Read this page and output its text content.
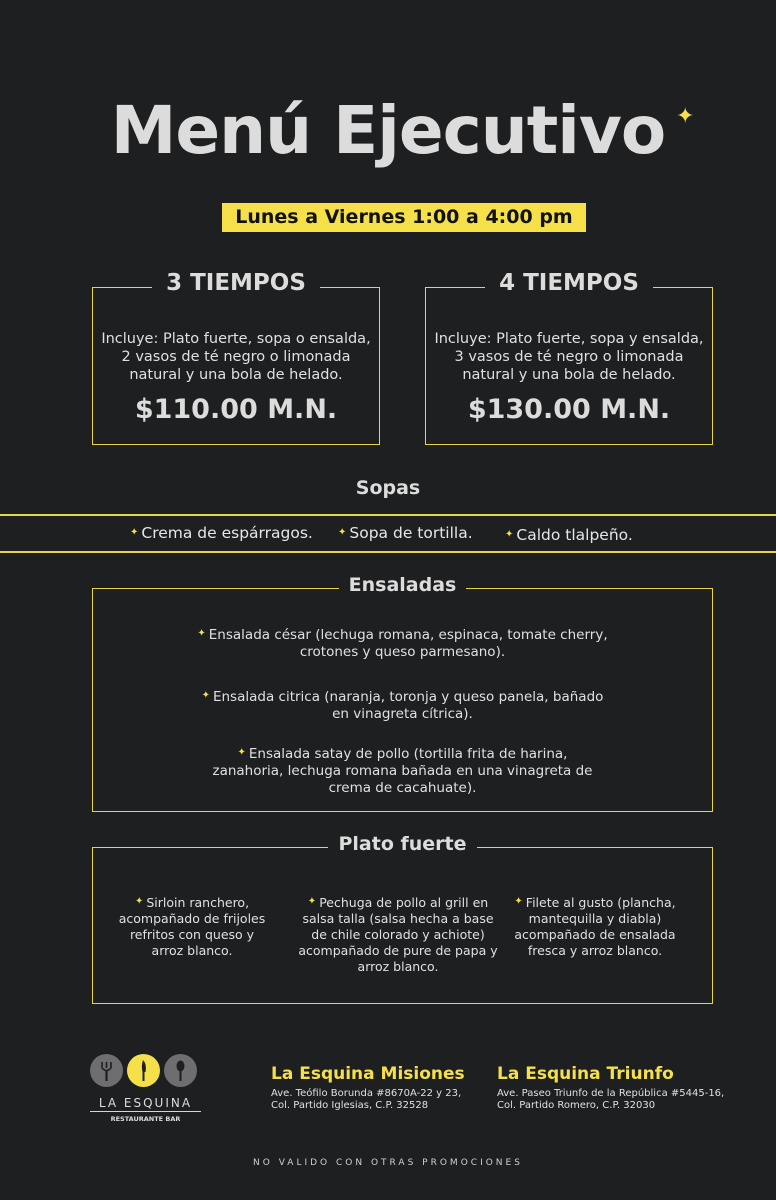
Menú Ejecutivo ✦
Lunes a Viernes 1:00 a 4:00 pm
3 TIEMPOS
Incluye: Plato fuerte, sopa o ensalda, 2 vasos de té negro o limonada natural y una bola de helado.
$110.00 M.N.
4 TIEMPOS
Incluye: Plato fuerte, sopa y ensalda, 3 vasos de té negro o limonada natural y una bola de helado.
$130.00 M.N.
Sopas
✦ Crema de espárragos.	✦ Sopa de tortilla.	✦ Caldo tlalpeño.
Ensaladas
✦ Ensalada césar (lechuga romana, espinaca, tomate cherry, crotones y queso parmesano).
✦ Ensalada citrica (naranja, toronja y queso panela, bañado en vinagreta cítrica).
✦ Ensalada satay de pollo (tortilla frita de harina, zanahoria, lechuga romana bañada en una vinagreta de crema de cacahuate).
Plato fuerte
✦ Sirloin ranchero, acompañado de frijoles refritos con queso y arroz blanco.
✦ Pechuga de pollo al grill en salsa talla (salsa hecha a base de chile colorado y achiote) acompañado de pure de papa y arroz blanco.
✦ Filete al gusto (plancha, mantequilla y diabla) acompañado de ensalada fresca y arroz blanco.
LA ESQUINA
RESTAURANTE BAR
La Esquina Misiones
Ave. Teófilo Borunda #8670A-22 y 23,
Col. Partido Iglesias, C.P. 32528
La Esquina Triunfo
Ave. Paseo Triunfo de la República #5445-16,
Col. Partido Romero, C.P. 32030
NO VALIDO CON OTRAS PROMOCIONES
